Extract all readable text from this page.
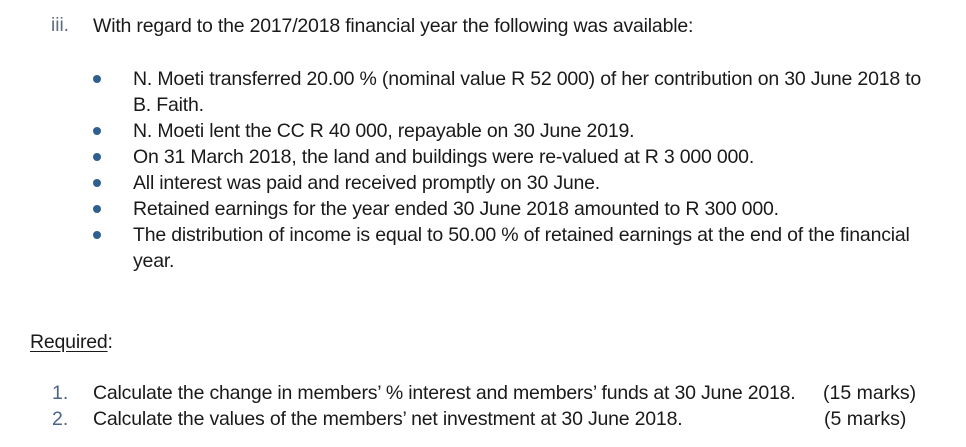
iii. With regard to the 2017/2018 financial year the following was available:
N. Moeti transferred 20.00 % (nominal value R 52 000) of her contribution on 30 June 2018 to
B. Faith.
N. Moeti lent the CC R 40 000, repayable on 30 June 2019.
On 31 March 2018, the land and buildings were re-valued at R 3 000 000.
All interest was paid and received promptly on 30 June.
Retained earnings for the year ended 30 June 2018 amounted to R 300 000.
The distribution of income is equal to 50.00 % of retained earnings at the end of the financial
year.
Required:
1. Calculate the change in members’ % interest and members’ funds at 30 June 2018. (15 marks)
2. Calculate the values of the members’ net investment at 30 June 2018.	(5 marks)
